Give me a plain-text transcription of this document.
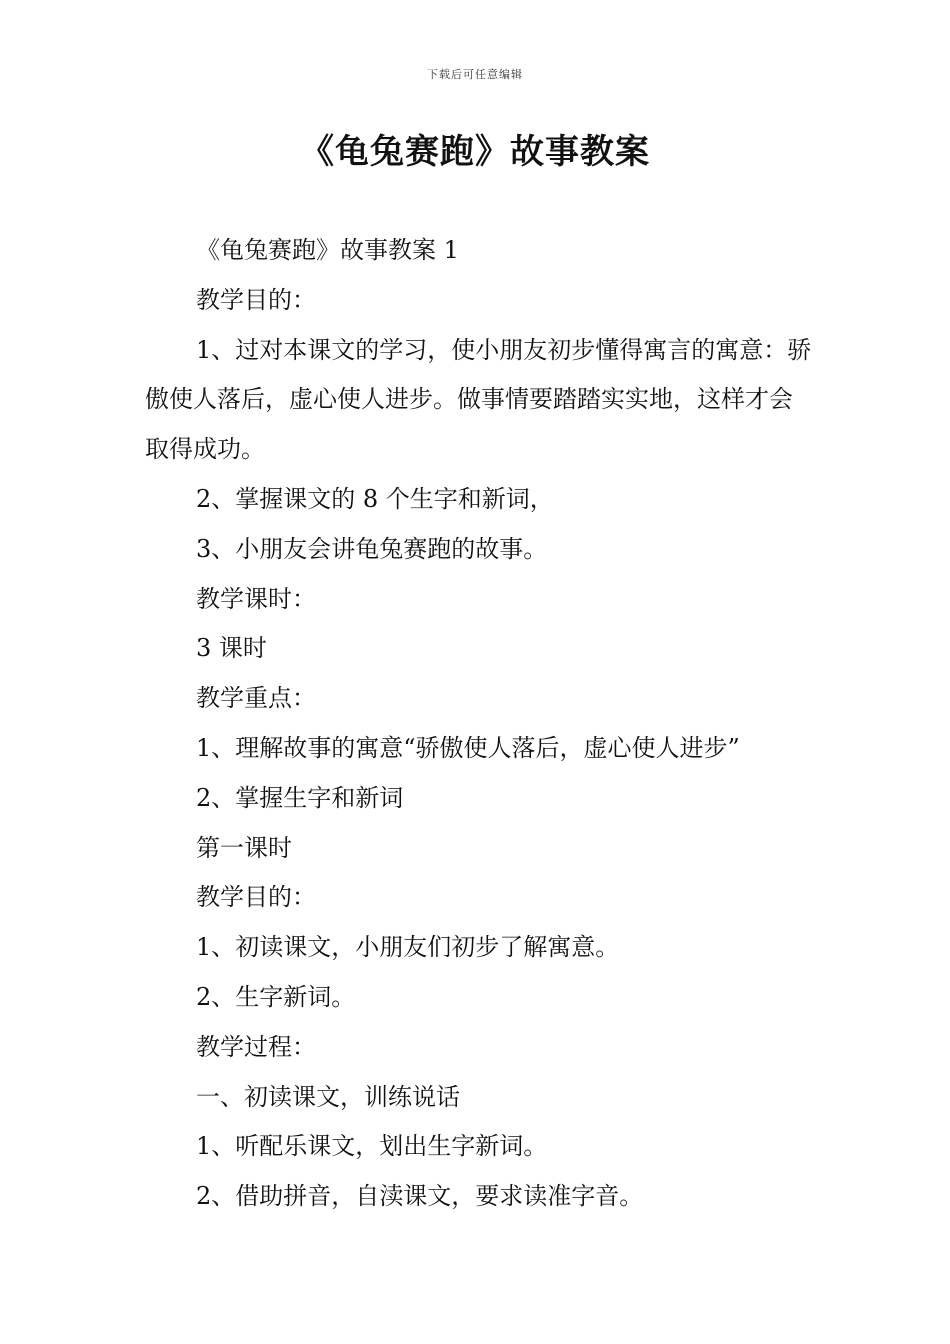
下载后可任意编辑
《龟兔赛跑》故事教案

《龟兔赛跑》故事教案 1

教学目的：

1、过对本课文的学习，使小朋友初步懂得寓言的寓意：骄傲使人落后，虚心使人进步。做事情要踏踏实实地，这样才会取得成功。

2、掌握课文的 8 个生字和新词，

3、小朋友会讲龟兔赛跑的故事。

教学课时：

3 课时

教学重点：

1、理解故事的寓意“骄傲使人落后，虚心使人进步”

2、掌握生字和新词

第一课时

教学目的：

1、初读课文，小朋友们初步了解寓意。

2、生字新词。

教学过程：

一、初读课文，训练说话

1、听配乐课文，划出生字新词。

2、借助拼音，自渎课文，要求读准字音。
